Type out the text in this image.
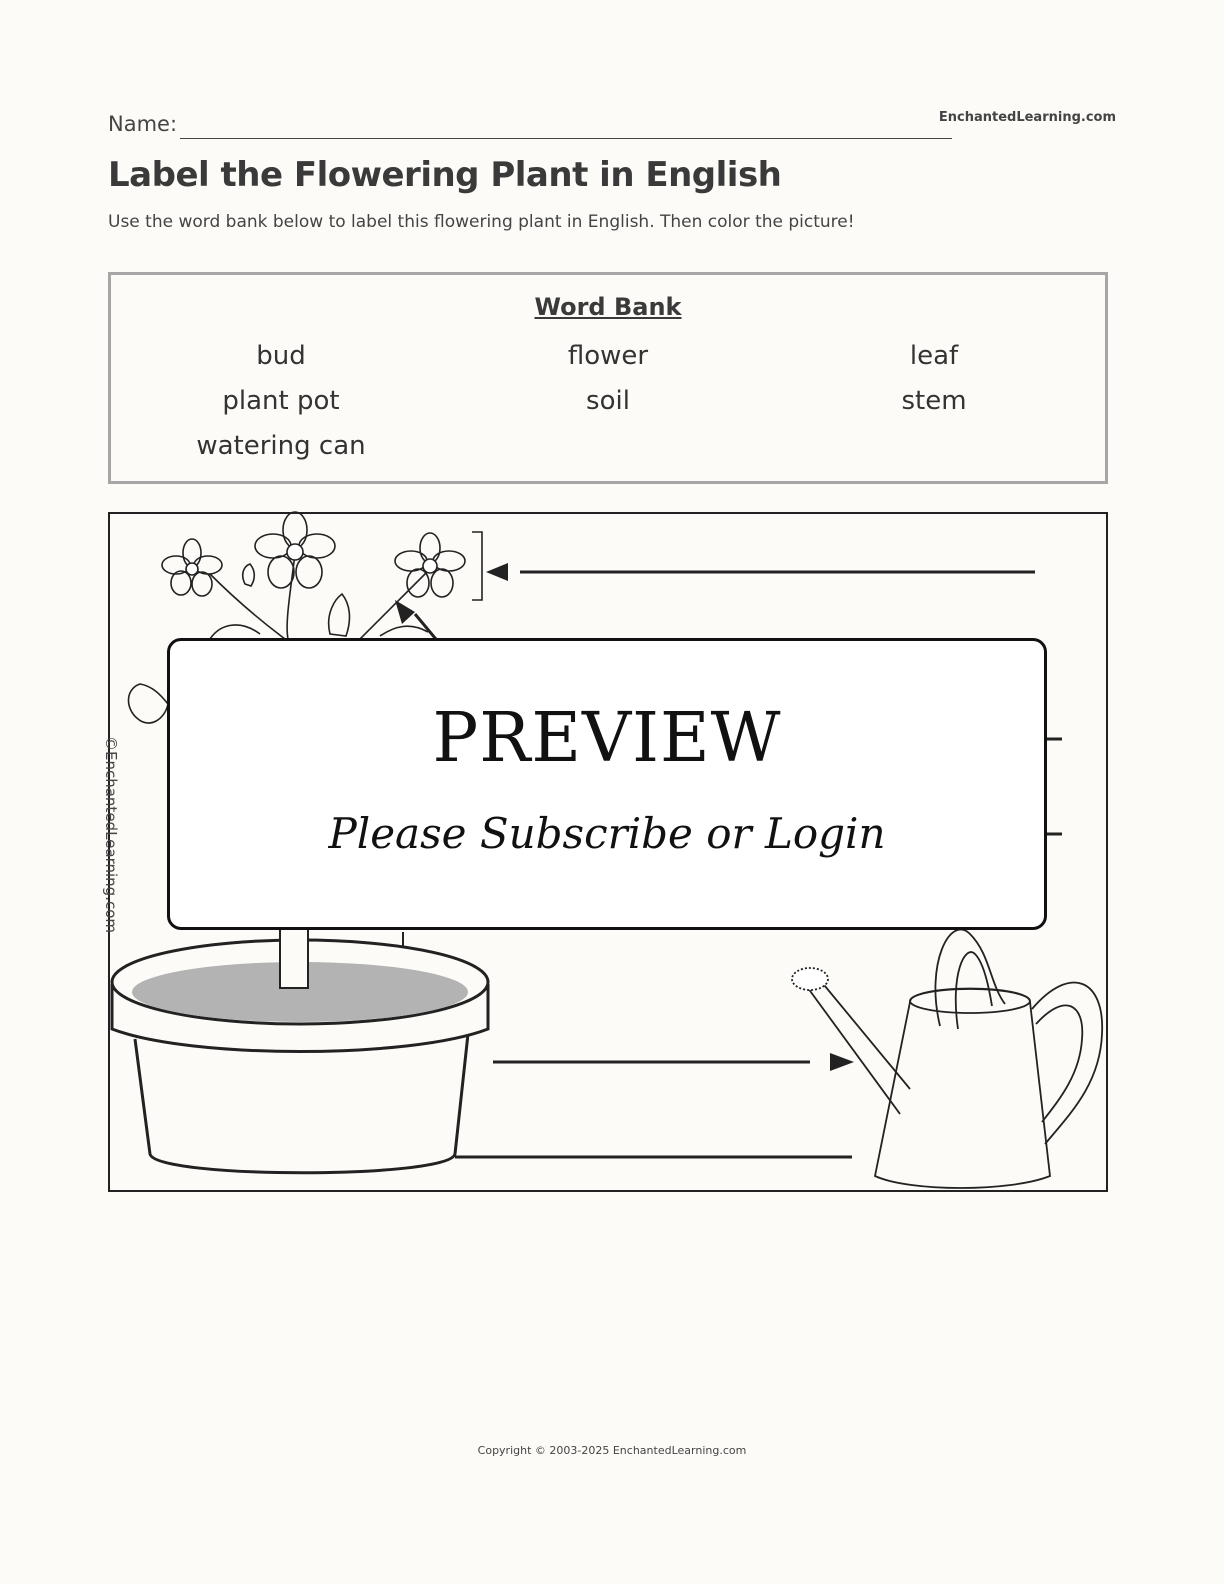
Name:	EnchantedLearning.com
Label the Flowering Plant in English
Use the word bank below to label this flowering plant in English. Then color the picture!
Word Bank
bud	flower	leaf
plant pot	soil	stem
watering can
©EnchantedLearning.com	PREVIEW
Please Subscribe or Login
Copyright © 2003-2025 EnchantedLearning.com
